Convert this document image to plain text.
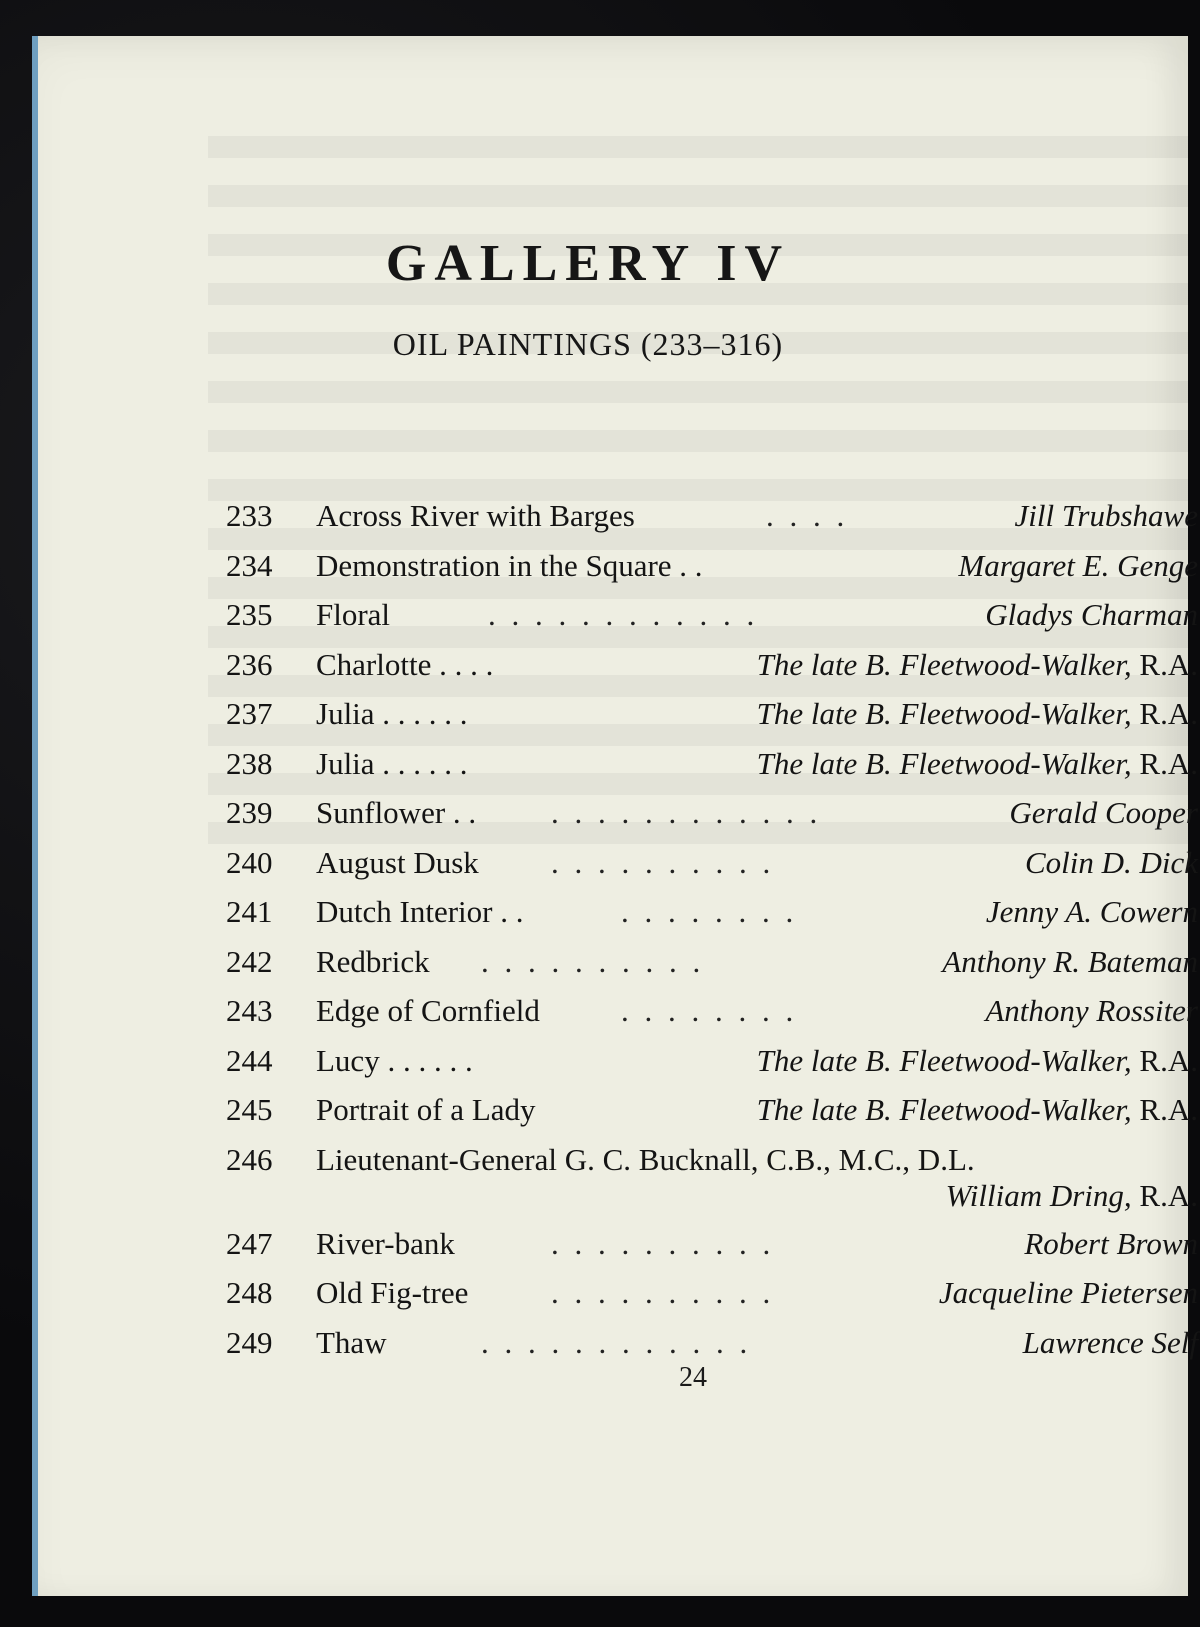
GALLERY IV
OIL PAINTINGS (233–316)
233	Across River with Barges	. . . .	Jill Trubshawe
234	Demonstration in the Square . .	Margaret E. Genge
235	Floral	. . . . . . . . . . . .	Gladys Charman
236	Charlotte . . . .	The late B. Fleetwood-Walker, R.A.
237	Julia . . . . . .	The late B. Fleetwood-Walker, R.A.
238	Julia . . . . . .	The late B. Fleetwood-Walker, R.A.
239	Sunflower . . . . . . . . . . . . . .	Gerald Cooper
240	August Dusk . . . . . . . . . .	Colin D. Dick
241	Dutch Interior . .	. . . . . . . .	Jenny A. Cowern
242	Redbrick . . . . . . . . . .	Anthony R. Bateman
243	Edge of Cornfield	. . . . . . . .	Anthony Rossiter
244	Lucy . . . . . .	The late B. Fleetwood-Walker, R.A.
245	Portrait of a Lady	The late B. Fleetwood-Walker, R.A.
246	Lieutenant-General G. C. Bucknall, C.B., M.C., D.L.
William Dring, R.A.
247	River-bank	. . . . . . . . . .	Robert Brown
248	Old Fig-tree	. . . . . . . . . .	Jacqueline Pietersen
249	Thaw	. . . . . . . . . . . .	Lawrence Self
24
